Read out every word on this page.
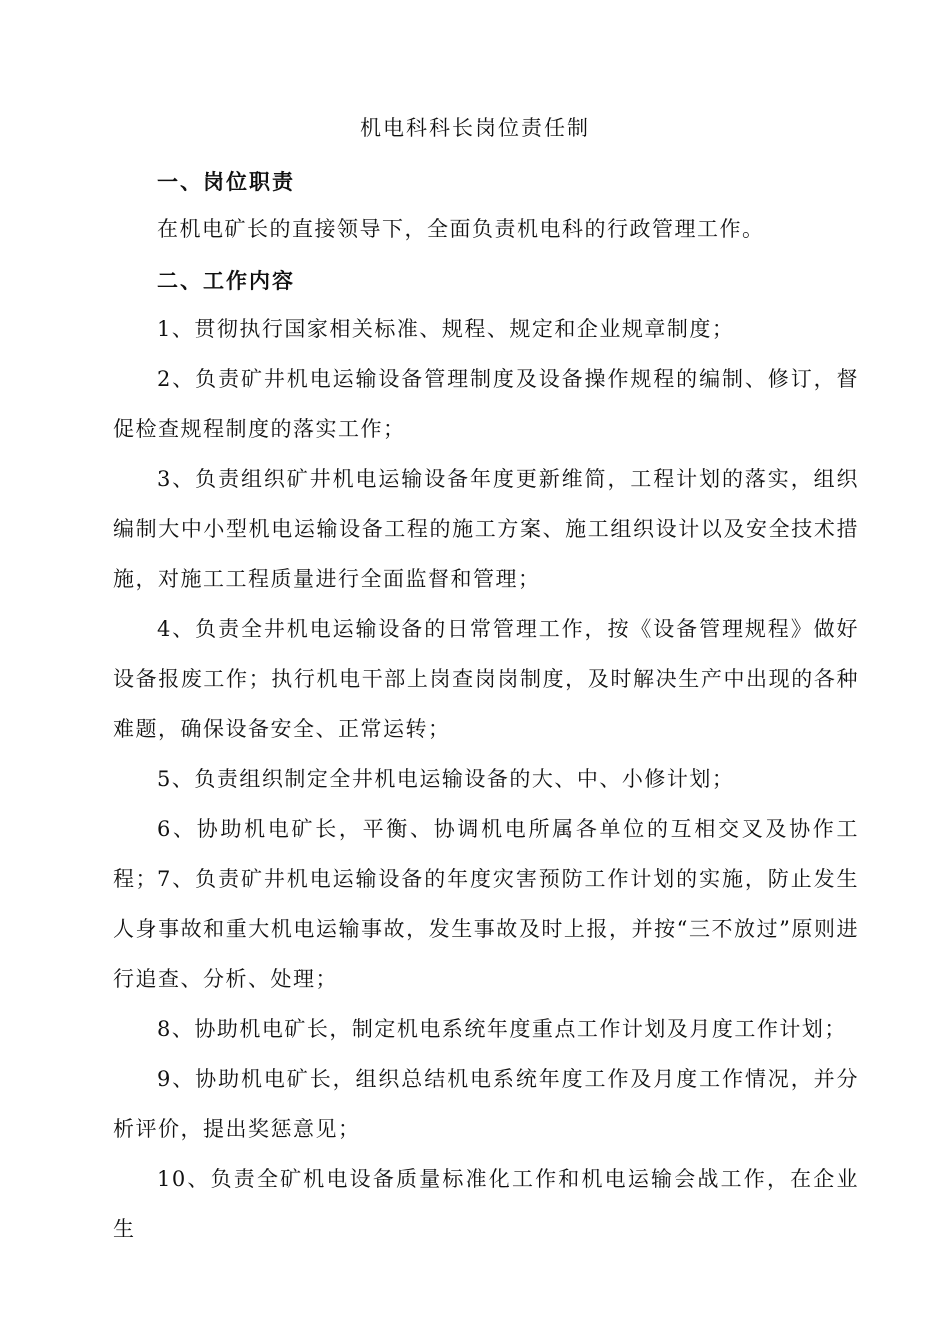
机电科科长岗位责任制
一、岗位职责

在机电矿长的直接领导下，全面负责机电科的行政管理工作。

二、工作内容

1、贯彻执行国家相关标准、规程、规定和企业规章制度；

2、负责矿井机电运输设备管理制度及设备操作规程的编制、修订，督促检查规程制度的落实工作；

3、负责组织矿井机电运输设备年度更新维简，工程计划的落实，组织编制大中小型机电运输设备工程的施工方案、施工组织设计以及安全技术措施，对施工工程质量进行全面监督和管理；

4、负责全井机电运输设备的日常管理工作，按《设备管理规程》做好设备报废工作；执行机电干部上岗查岗岗制度，及时解决生产中出现的各种难题，确保设备安全、正常运转；

5、负责组织制定全井机电运输设备的大、中、小修计划；

6、协助机电矿长，平衡、协调机电所属各单位的互相交叉及协作工程； 7、负责矿井机电运输设备的年度灾害预防工作计划的实施，防止发生人身事故和重大机电运输事故，发生事故及时上报，并按“三不放过”原则进行追查、分析、处理；

8、协助机电矿长，制定机电系统年度重点工作计划及月度工作计划；

9、协助机电矿长，组织总结机电系统年度工作及月度工作情况，并分析评价，提出奖惩意见；

10、负责全矿机电设备质量标准化工作和机电运输会战工作，在企业生
